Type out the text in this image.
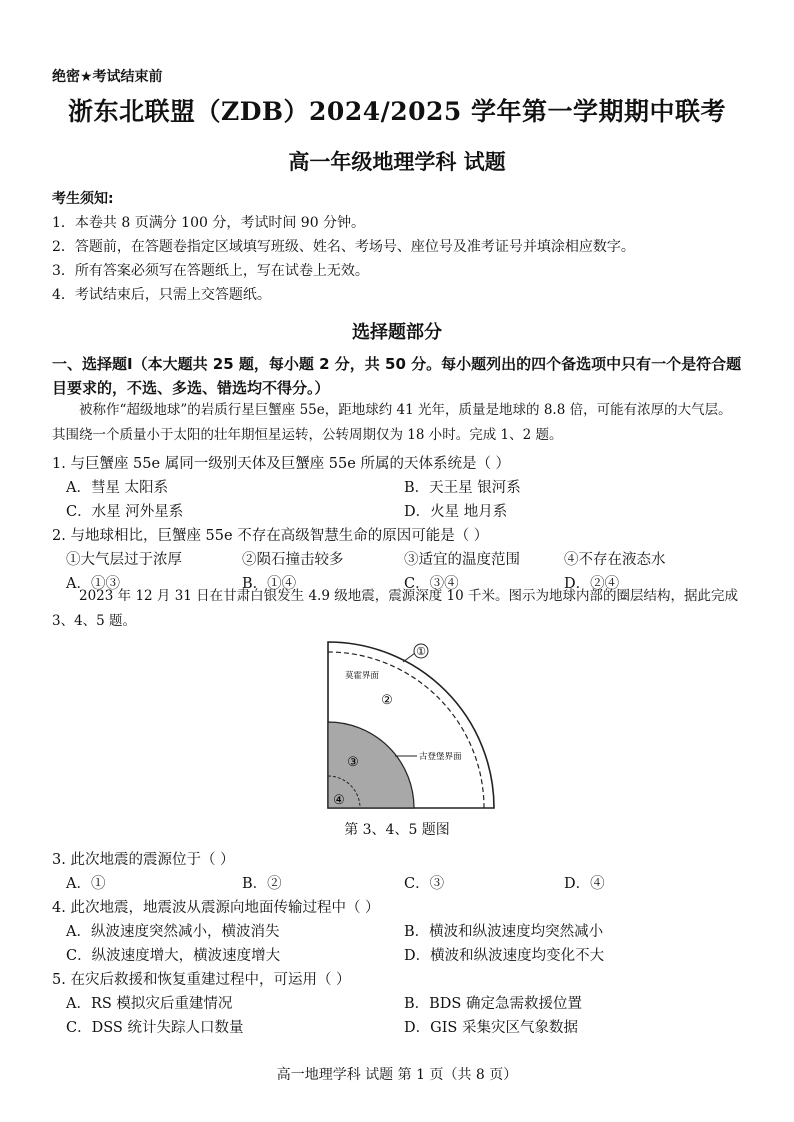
绝密★考试结束前
浙东北联盟（ZDB）2024/2025 学年第一学期期中联考
高一年级地理学科 试题
考生须知:
1．本卷共 8 页满分 100 分，考试时间 90 分钟。
2．答题前，在答题卷指定区域填写班级、姓名、考场号、座位号及准考证号并填涂相应数字。
3．所有答案必须写在答题纸上，写在试卷上无效。
4．考试结束后，只需上交答题纸。
选择题部分
一、选择题Ⅰ（本大题共 25 题，每小题 2 分，共 50 分。每小题列出的四个备选项中只有一个是符合题目要求的，不选、多选、错选均不得分。）
被称作“超级地球”的岩质行星巨蟹座 55e，距地球约 41 光年，质量是地球的 8.8 倍，可能有浓厚的大气层。其围绕一个质量小于太阳的壮年期恒星运转，公转周期仅为 18 小时。完成 1、2 题。
1. 与巨蟹座 55e 属同一级别天体及巨蟹座 55e 所属的天体系统是（ ）
A．彗星 太阳系	B．天王星 银河系
C．水星 河外星系	D．火星 地月系
2. 与地球相比，巨蟹座 55e 不存在高级智慧生命的原因可能是（ ）
①大气层过于浓厚	②陨石撞击较多	③适宜的温度范围	④不存在液态水
A．①③	B．①④	C．③④	D．②④
2023 年 12 月 31 日在甘肃白银发生 4.9 级地震，震源深度 10 千米。图示为地球内部的圈层结构，据此完成 3、4、5 题。
①
莫霍界面
②
古登堡界面
③
④
第 3、4、5 题图
3. 此次地震的震源位于（ ）
A．①	B．②	C．③	D．④
4. 此次地震，地震波从震源向地面传输过程中（ ）
A．纵波速度突然减小，横波消失	B．横波和纵波速度均突然减小
C．纵波速度增大，横波速度增大	D．横波和纵波速度均变化不大
5. 在灾后救援和恢复重建过程中，可运用（ ）
A．RS 模拟灾后重建情况	B．BDS 确定急需救援位置
C．DSS 统计失踪人口数量	D．GIS 采集灾区气象数据
高一地理学科 试题 第 1 页（共 8 页）
